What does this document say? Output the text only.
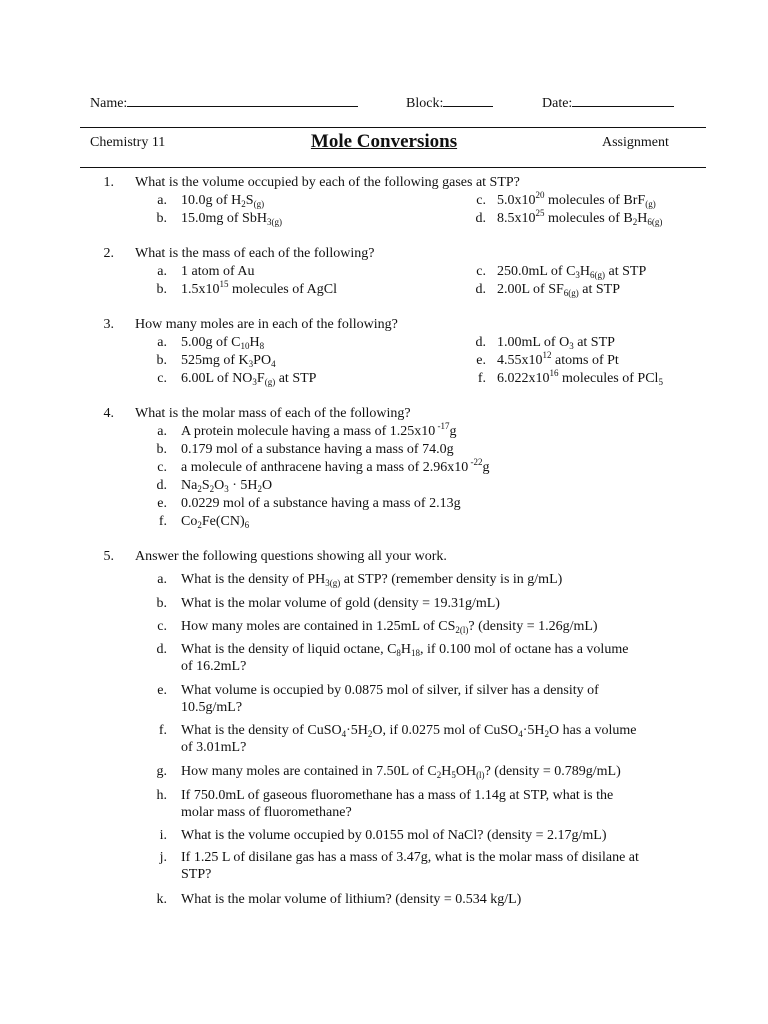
Name:	Block:	Date:
Chemistry 11	Mole Conversions	Assignment
1. What is the volume occupied by each of the following gases at STP?
a. 10.0g of $H_2S_{(g)}$
b. 15.0mg of SbH$_{3(g)}$
c. $5.0x10^{20}$ molecules of BrF$_{(g)}$
d. $8.5x10^{25}$ molecules of $B_2H_{6(g)}$
2. What is the mass of each of the following?
a. 1 atom of Au
b. $1.5x10^{15}$ molecules of AgCl
c. 250.0mL of $C_3H_{6(g)}$ at STP
d. 2.00L of $SF_{6(g)}$ at STP
3. How many moles are in each of the following?
a. 5.00g of $C_{10}H_8$
b. 525mg of $K_3PO_4$
c. 6.00L of $NO_3F_{(g)}$ at STP
d. 1.00mL of $O_3$ at STP
e. $4.55x10^{12}$ atoms of Pt
f. $6.022x10^{16}$ molecules of PCl$_5$
4. What is the molar mass of each of the following?
a. A protein molecule having a mass of 1.25x10 $^{-17}$g
b. 0.179 mol of a substance having a mass of 74.0g
c. a molecule of anthracene having a mass of 2.96x10 $^{-22}$g
d. $Na_2S_2O_3 \cdot 5H_2O$
e. 0.0229 mol of a substance having a mass of 2.13g
f. $Co_2Fe(CN)_6$
5. Answer the following questions showing all your work.
a. What is the density of $PH_{3(g)}$ at STP? (remember density is in g/mL)
b. What is the molar volume of gold (density = 19.31g/mL)
c. How many moles are contained in 1.25mL of $CS_{2(l)}$? (density = 1.26g/mL)
d. What is the density of liquid octane, $C_8H_{18}$, if 0.100 mol of octane has a volume
of 16.2mL?
e. What volume is occupied by 0.0875 mol of silver, if silver has a density of
10.5g/mL?
f. What is the density of $CuSO_4\cdot 5H_2O$, if 0.0275 mol of $CuSO_4\cdot 5H_2O$ has a volume
of 3.01mL?
g. How many moles are contained in 7.50L of $C_2H_5OH_{(l)}$? (density = 0.789g/mL)
h. If 750.0mL of gaseous fluoromethane has a mass of 1.14g at STP, what is the
molar mass of fluoromethane?
i. What is the volume occupied by 0.0155 mol of NaCl? (density = 2.17g/mL)
j. If 1.25 L of disilane gas has a mass of 3.47g, what is the molar mass of disilane at
STP?
k. What is the molar volume of lithium? (density = 0.534 kg/L)
